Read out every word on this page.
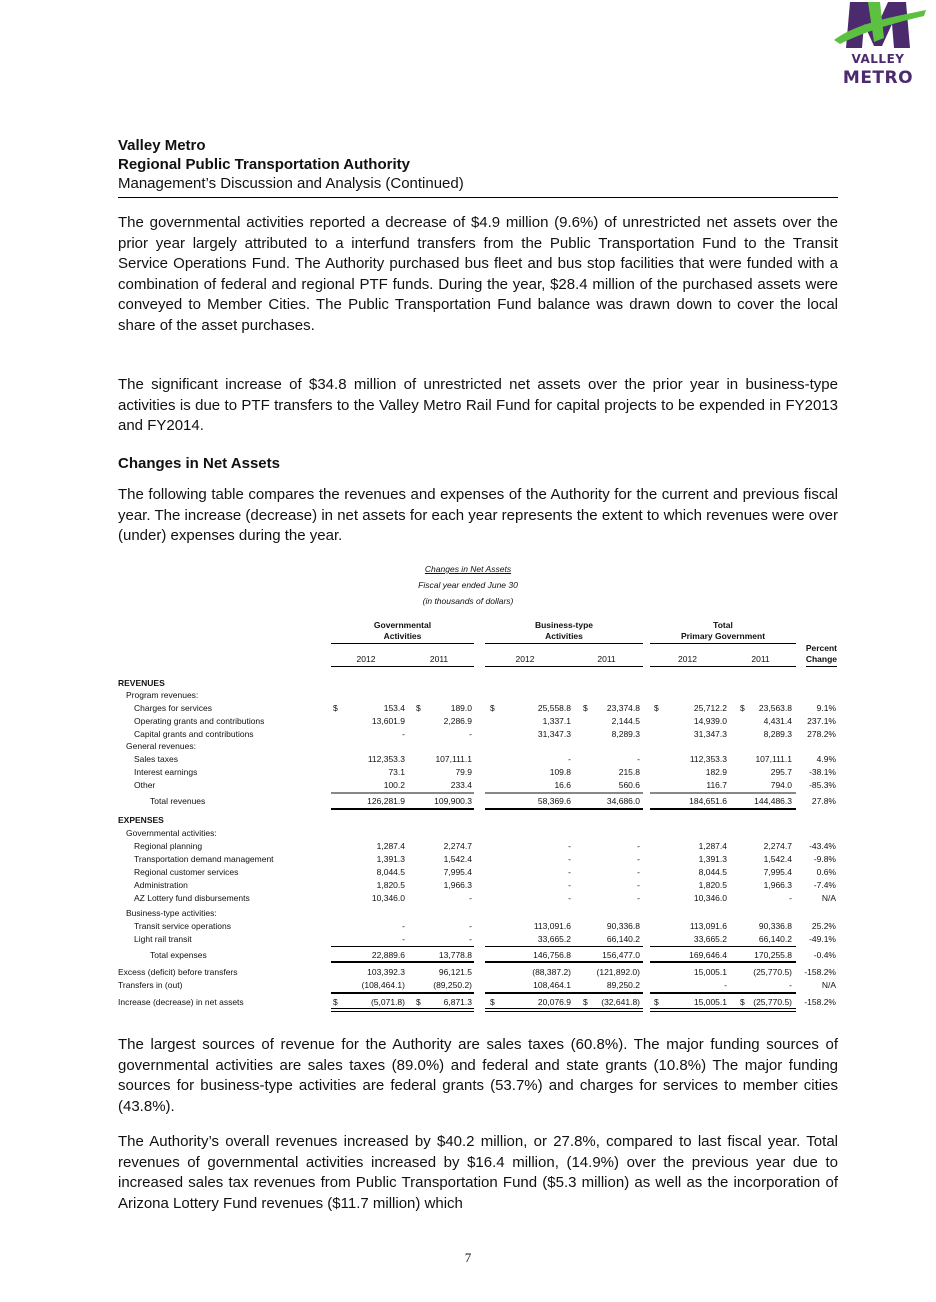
VALLEY
METRO
Valley Metro
Regional Public Transportation Authority
Management’s Discussion and Analysis (Continued)
The governmental activities reported a decrease of $4.9 million (9.6%) of unrestricted net assets over the prior year largely attributed to a interfund transfers from the Public Transportation Fund to the Transit Service Operations Fund. The Authority purchased bus fleet and bus stop facilities that were funded with a combination of federal and regional PTF funds. During the year, $28.4 million of the purchased assets were conveyed to Member Cities. The Public Transportation Fund balance was drawn down to cover the local share of the asset purchases.
The significant increase of $34.8 million of unrestricted net assets over the prior year in business-type activities is due to PTF transfers to the Valley Metro Rail Fund for capital projects to be expended in FY2013 and FY2014.
Changes in Net Assets
The following table compares the revenues and expenses of the Authority for the current and previous fiscal year. The increase (decrease) in net assets for each year represents the extent to which revenues were over (under) expenses during the year.
Changes in Net Assets
Fiscal year ended June 30
(in thousands of dollars)
Governmental
Activities
Business-type
Activities
Total
Primary Government
Percent
Change
2012	2011	2012	2011	2012	2011
REVENUES
Program revenues:
General revenues:
EXPENSES
Governmental activities:
Business-type activities:
Charges for services	153.4	189.0	25,558.8	23,374.8	25,712.2	23,563.8	9.1%
$	$	$	$	$	$
Operating grants and contributions	13,601.9	2,286.9	1,337.1	2,144.5	14,939.0	4,431.4	237.1%
Capital grants and contributions	-	-	31,347.3	8,289.3	31,347.3	8,289.3	278.2%
Sales taxes	112,353.3	107,111.1	-	-	112,353.3	107,111.1	4.9%
Interest earnings	73.1	79.9	109.8	215.8	182.9	295.7	-38.1%
Other	100.2	233.4	16.6	560.6	116.7	794.0	-85.3%
Total revenues	126,281.9	109,900.3	58,369.6	34,686.0	184,651.6	144,486.3	27.8%
Regional planning	1,287.4	2,274.7	-	-	1,287.4	2,274.7	-43.4%
Transportation demand management	1,391.3	1,542.4	-	-	1,391.3	1,542.4	-9.8%
Regional customer services	8,044.5	7,995.4	-	-	8,044.5	7,995.4	0.6%
Administration	1,820.5	1,966.3	-	-	1,820.5	1,966.3	-7.4%
AZ Lottery fund disbursements	10,346.0	-	-	-	10,346.0	-	N/A
Transit service operations	-	-	113,091.6	90,336.8	113,091.6	90,336.8	25.2%
Light rail transit	-	-	33,665.2	66,140.2	33,665.2	66,140.2	-49.1%
Total expenses	22,889.6	13,778.8	146,756.8	156,477.0	169,646.4	170,255.8	-0.4%
Excess (deficit) before transfers	103,392.3	96,121.5	(88,387.2)	(121,892.0)	15,005.1	(25,770.5)	-158.2%
Transfers in (out)	(108,464.1)	(89,250.2)	108,464.1	89,250.2	-	-	N/A
Increase (decrease) in net assets	(5,071.8)	6,871.3	20,076.9	(32,641.8)	15,005.1	(25,770.5)	-158.2%
$	$	$	$	$	$
The largest sources of revenue for the Authority are sales taxes (60.8%). The major funding sources of governmental activities are sales taxes (89.0%) and federal and state grants (10.8%) The major funding sources for business-type activities are federal grants (53.7%) and charges for services to member cities (43.8%).
The Authority’s overall revenues increased by $40.2 million, or 27.8%, compared to last fiscal year. Total revenues of governmental activities increased by $16.4 million, (14.9%) over the previous year due to increased sales tax revenues from Public Transportation Fund ($5.3 million) as well as the incorporation of Arizona Lottery Fund revenues ($11.7 million) which
7
